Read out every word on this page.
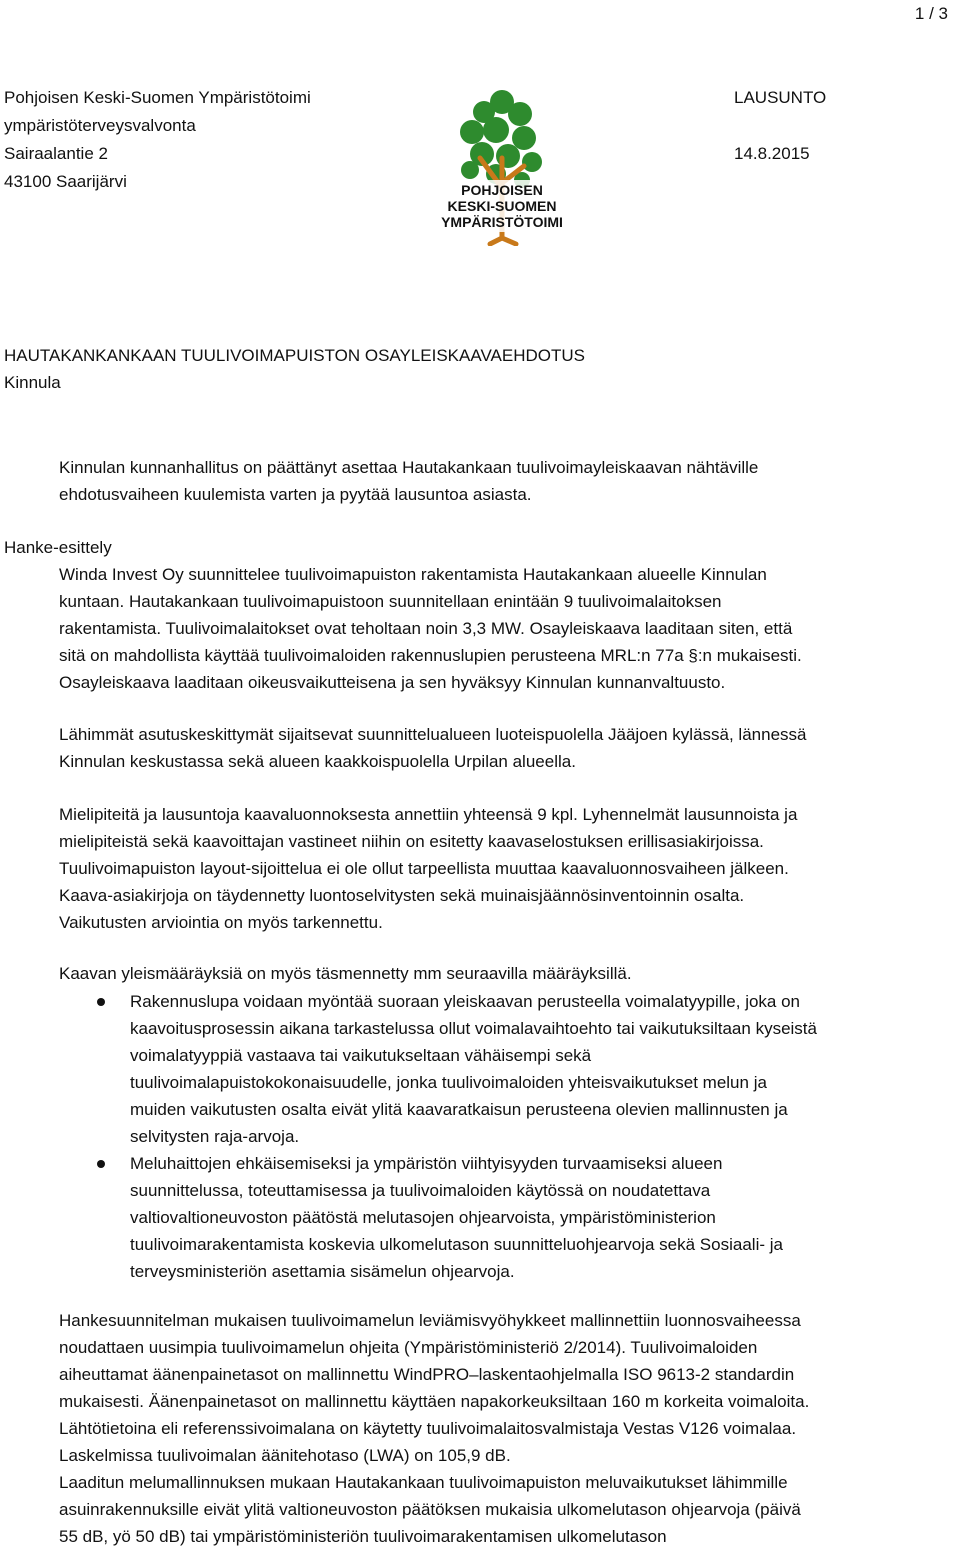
1 / 3
Pohjoisen Keski-Suomen Ympäristötoimi
ympäristöterveysvalvonta
Sairaalantie 2
43100 Saarijärvi
LAUSUNTO
14.8.2015
POHJOISEN
KESKI-SUOMEN
YMPÄRISTÖTOIMI
HAUTAKANKANKAAN TUULIVOIMAPUISTON OSAYLEISKAAVAEHDOTUS
Kinnula
Kinnulan kunnanhallitus on päättänyt asettaa Hautakankaan tuulivoimayleiskaavan nähtäville
ehdotusvaiheen kuulemista varten ja pyytää lausuntoa asiasta.
Hanke-esittely
Winda Invest Oy suunnittelee tuulivoimapuiston rakentamista Hautakankaan alueelle Kinnulan
kuntaan. Hautakankaan tuulivoimapuistoon suunnitellaan enintään 9 tuulivoimalaitoksen
rakentamista. Tuulivoimalaitokset ovat teholtaan noin 3,3 MW. Osayleiskaava laaditaan siten, että
sitä on mahdollista käyttää tuulivoimaloiden rakennuslupien perusteena MRL:n 77a §:n mukaisesti.
Osayleiskaava laaditaan oikeusvaikutteisena ja sen hyväksyy Kinnulan kunnanvaltuusto.
Lähimmät asutuskeskittymät sijaitsevat suunnittelualueen luoteispuolella Jääjoen kylässä, lännessä
Kinnulan keskustassa sekä alueen kaakkoispuolella Urpilan alueella.
Mielipiteitä ja lausuntoja kaavaluonnoksesta annettiin yhteensä 9 kpl. Lyhennelmät lausunnoista ja
mielipiteistä sekä kaavoittajan vastineet niihin on esitetty kaavaselostuksen erillisasiakirjoissa.
Tuulivoimapuiston layout-sijoittelua ei ole ollut tarpeellista muuttaa kaavaluonnosvaiheen jälkeen.
Kaava-asiakirjoja on täydennetty luontoselvitysten sekä muinaisjäännösinventoinnin osalta.
Vaikutusten arviointia on myös tarkennettu.
Kaavan yleismääräyksiä on myös täsmennetty mm seuraavilla määräyksillä.
Rakennuslupa voidaan myöntää suoraan yleiskaavan perusteella voimalatyypille, joka on
kaavoitusprosessin aikana tarkastelussa ollut voimalavaihtoehto tai vaikutuksiltaan kyseistä
voimalatyyppiä vastaava tai vaikutukseltaan vähäisempi sekä
tuulivoimalapuistokokonaisuudelle, jonka tuulivoimaloiden yhteisvaikutukset melun ja
muiden vaikutusten osalta eivät ylitä kaavaratkaisun perusteena olevien mallinnusten ja
selvitysten raja-arvoja.
Meluhaittojen ehkäisemiseksi ja ympäristön viihtyisyyden turvaamiseksi alueen
suunnittelussa, toteuttamisessa ja tuulivoimaloiden käytössä on noudatettava
valtiovaltioneuvoston päätöstä melutasojen ohjearvoista, ympäristöministerion
tuulivoimarakentamista koskevia ulkomelutason suunnitteluohjearvoja sekä Sosiaali- ja
terveysministeriön asettamia sisämelun ohjearvoja.
Hankesuunnitelman mukaisen tuulivoimamelun leviämisvyöhykkeet mallinnettiin luonnosvaiheessa
noudattaen uusimpia tuulivoimamelun ohjeita (Ympäristöministeriö 2/2014). Tuulivoimaloiden
aiheuttamat äänenpainetasot on mallinnettu WindPRO–laskentaohjelmalla ISO 9613-2 standardin
mukaisesti. Äänenpainetasot on mallinnettu käyttäen napakorkeuksiltaan 160 m korkeita voimaloita.
Lähtötietoina eli referenssivoimalana on käytetty tuulivoimalaitosvalmistaja Vestas V126 voimalaa.
Laskelmissa tuulivoimalan äänitehotaso (LWA) on 105,9 dB.
Laaditun melumallinnuksen mukaan Hautakankaan tuulivoimapuiston meluvaikutukset lähimmille
asuinrakennuksille eivät ylitä valtioneuvoston päätöksen mukaisia ulkomelutason ohjearvoja (päivä
55 dB, yö 50 dB) tai ympäristöministeriön tuulivoimarakentamisen ulkomelutason
